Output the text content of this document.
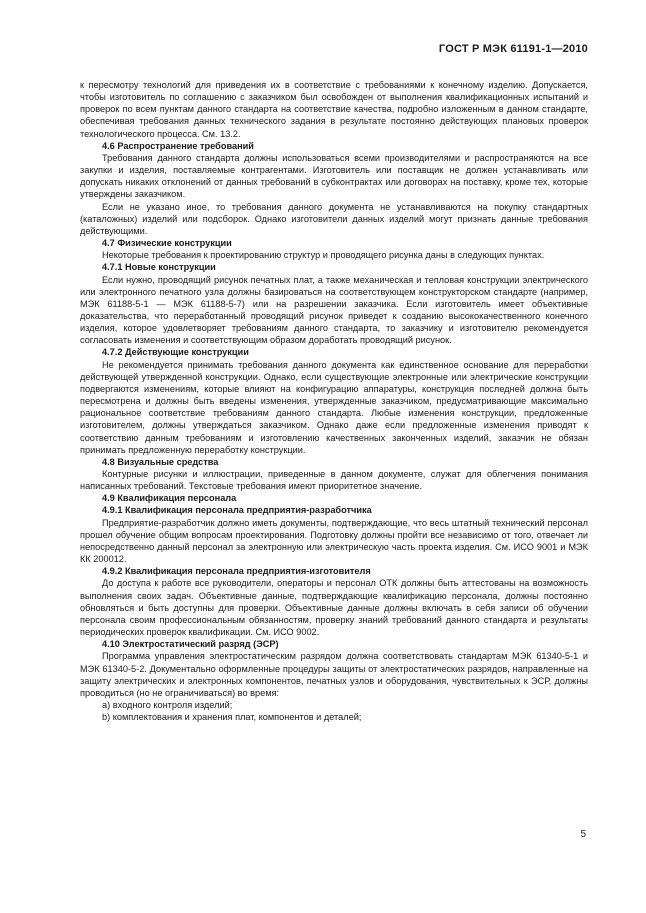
ГОСТ Р МЭК 61191-1—2010

к пересмотру технологий для приведения их в соответствие с требованиями к конечному изделию. Допускается, чтобы изготовитель по соглашению с заказчиком был освобожден от выполнения квалификационных испытаний и проверок по всем пунктам данного стандарта на соответствие качества, подробно изложенным в данном стандарте, обеспечивая требования данных технического задания в результате постоянно действующих плановых проверок технологического процесса. См. 13.2.

4.6 Распространение требований

Требования данного стандарта должны использоваться всеми производителями и распространяются на все закупки и изделия, поставляемые контрагентами. Изготовитель или поставщик не должен устанавливать или допускать никаких отклонений от данных требований в субконтрактах или договорах на поставку, кроме тех, которые утверждены заказчиком.

Если не указано иное, то требования данного документа не устанавливаются на покупку стандартных (каталожных) изделий или подсборок. Однако изготовители данных изделий могут признать данные требования действующими.

4.7 Физические конструкции

Некоторые требования к проектированию структур и проводящего рисунка даны в следующих пунктах.

4.7.1 Новые конструкции

Если нужно, проводящий рисунок печатных плат, а также механическая и тепловая конструкции электрического или электронного печатного узла должны базироваться на соответствующем конструкторском стандарте (например, МЭК 61188-5-1 — МЭК 61188-5-7) или на разрешении заказчика. Если изготовитель имеет объективные доказательства, что переработанный проводящий рисунок приведет к созданию высококачественного конечного изделия, которое удовлетворяет требованиям данного стандарта, то заказчику и изготовителю рекомендуется согласовать изменения и соответствующим образом доработать проводящий рисунок.

4.7.2 Действующие конструкции

Не рекомендуется принимать требования данного документа как единственное основание для переработки действующей утвержденной конструкции. Однако, если существующие электронные или электрические конструкции подвергаются изменениям, которые влияют на конфигурацию аппаратуры, конструкция последней должна быть пересмотрена и должны быть введены изменения, утвержденные заказчиком, предусматривающие максимально рациональное соответствие требованиям данного стандарта. Любые изменения конструкции, предложенные изготовителем, должны утверждаться заказчиком. Однако даже если предложенные изменения приводят к соответствию данным требованиям и изготовлению качественных законченных изделий, заказчик не обязан принимать предложенную переработку конструкции.

4.8 Визуальные средства

Контурные рисунки и иллюстрации, приведенные в данном документе, служат для облегчения понимания написанных требований. Текстовые требования имеют приоритетное значение.

4.9 Квалификация персонала

4.9.1 Квалификация персонала предприятия-разработчика

Предприятие-разработчик должно иметь документы, подтверждающие, что весь штатный технический персонал прошел обучение общим вопросам проектирования. Подготовку должны пройти все независимо от того, отвечает ли непосредственно данный персонал за электронную или электрическую часть проекта изделия. См. ИСО 9001 и МЭК КК 200012.

4.9.2 Квалификация персонала предприятия-изготовителя

До доступа к работе все руководители, операторы и персонал ОТК должны быть аттестованы на возможность выполнения своих задач. Объективные данные, подтверждающие квалификацию персонала, должны постоянно обновляться и быть доступны для проверки. Объективные данные должны включать в себя записи об обучении персонала своим профессиональным обязанностям, проверку знаний требований данного стандарта и результаты периодических проверок квалификации. См. ИСО 9002.

4.10 Электростатический разряд (ЭСР)

Программа управления электростатическим разрядом должна соответствовать стандартам МЭК 61340-5-1 и МЭК 61340-5-2. Документально оформленные процедуры защиты от электростатических разрядов, направленные на защиту электрических и электронных компонентов, печатных узлов и оборудования, чувствительных к ЭСР, должны проводиться (но не ограничиваться) во время:

a) входного контроля изделий;

b) комплектования и хранения плат, компонентов и деталей;

5
